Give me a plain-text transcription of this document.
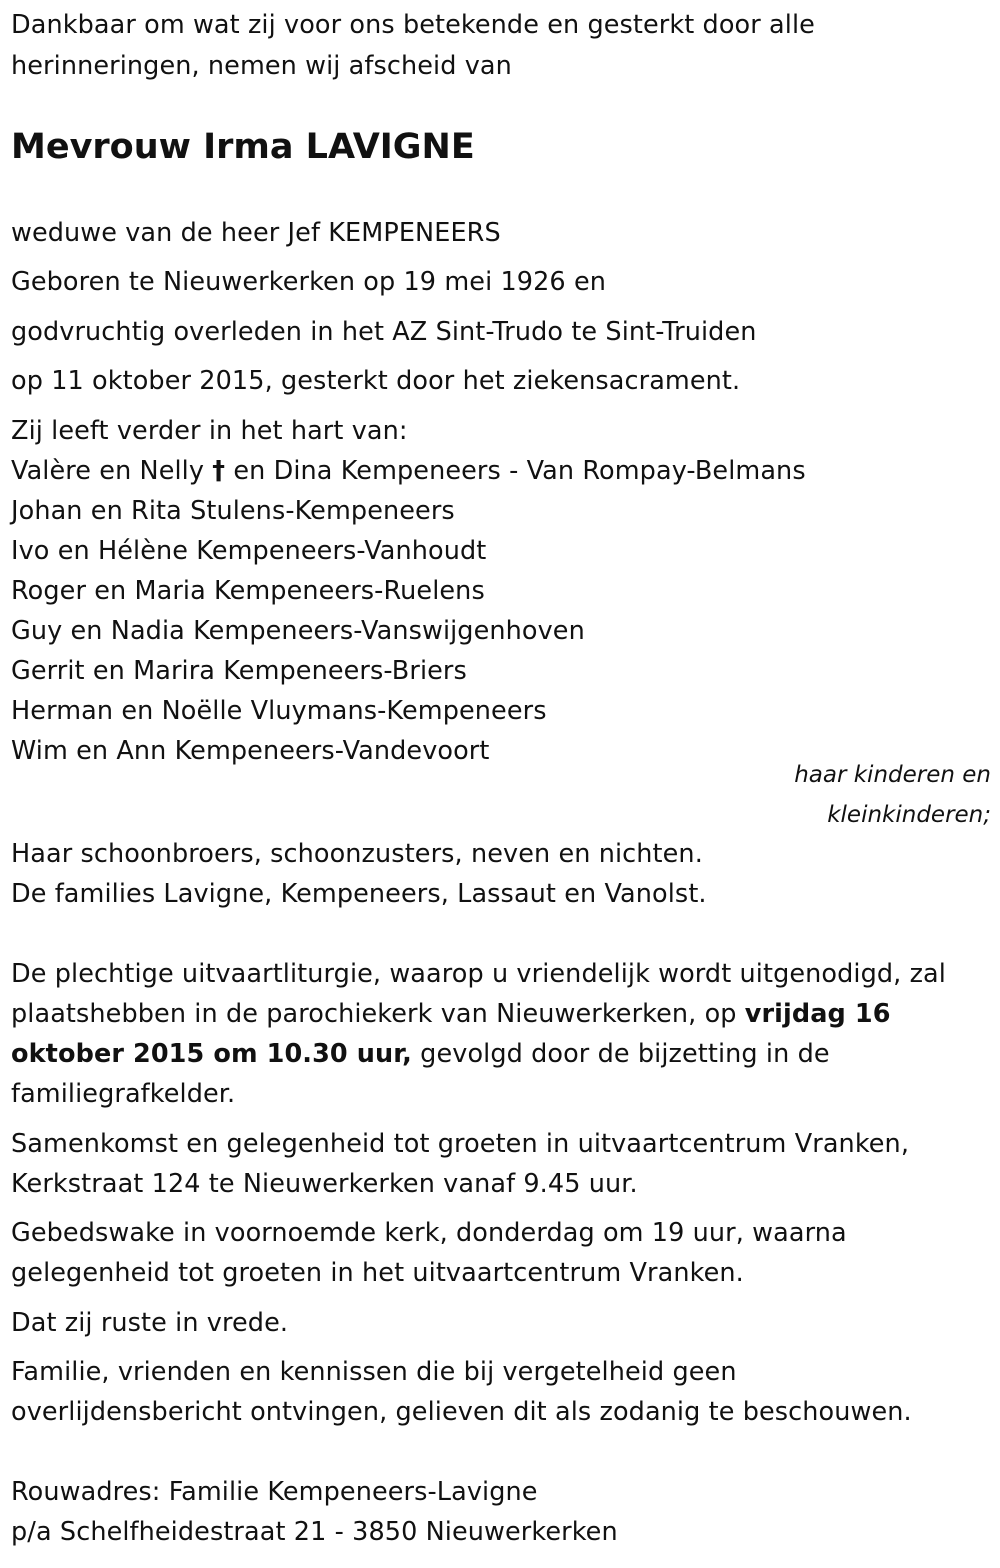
Dankbaar om wat zij voor ons betekende en gesterkt door alle
herinneringen, nemen wij afscheid van
Mevrouw Irma LAVIGNE
weduwe van de heer Jef KEMPENEERS
Geboren te Nieuwerkerken op 19 mei 1926 en
godvruchtig overleden in het AZ Sint-Trudo te Sint-Truiden
op 11 oktober 2015, gesterkt door het ziekensacrament.
Zij leeft verder in het hart van:
Valère en Nelly † en Dina Kempeneers - Van Rompay-Belmans
Johan en Rita Stulens-Kempeneers
Ivo en Hélène Kempeneers-Vanhoudt
Roger en Maria Kempeneers-Ruelens
Guy en Nadia Kempeneers-Vanswijgenhoven
Gerrit en Marira Kempeneers-Briers
Herman en Noëlle Vluymans-Kempeneers
Wim en Ann Kempeneers-Vandevoort
haar kinderen en
kleinkinderen;
Haar schoonbroers, schoonzusters, neven en nichten.
De families Lavigne, Kempeneers, Lassaut en Vanolst.
De plechtige uitvaartliturgie, waarop u vriendelijk wordt uitgenodigd, zal
plaatshebben in de parochiekerk van Nieuwerkerken, op vrijdag 16
oktober 2015 om 10.30 uur, gevolgd door de bijzetting in de
familiegrafkelder.
Samenkomst en gelegenheid tot groeten in uitvaartcentrum Vranken,
Kerkstraat 124 te Nieuwerkerken vanaf 9.45 uur.
Gebedswake in voornoemde kerk, donderdag om 19 uur, waarna
gelegenheid tot groeten in het uitvaartcentrum Vranken.
Dat zij ruste in vrede.
Familie, vrienden en kennissen die bij vergetelheid geen
overlijdensbericht ontvingen, gelieven dit als zodanig te beschouwen.
Rouwadres: Familie Kempeneers-Lavigne
p/a Schelfheidestraat 21 - 3850 Nieuwerkerken
